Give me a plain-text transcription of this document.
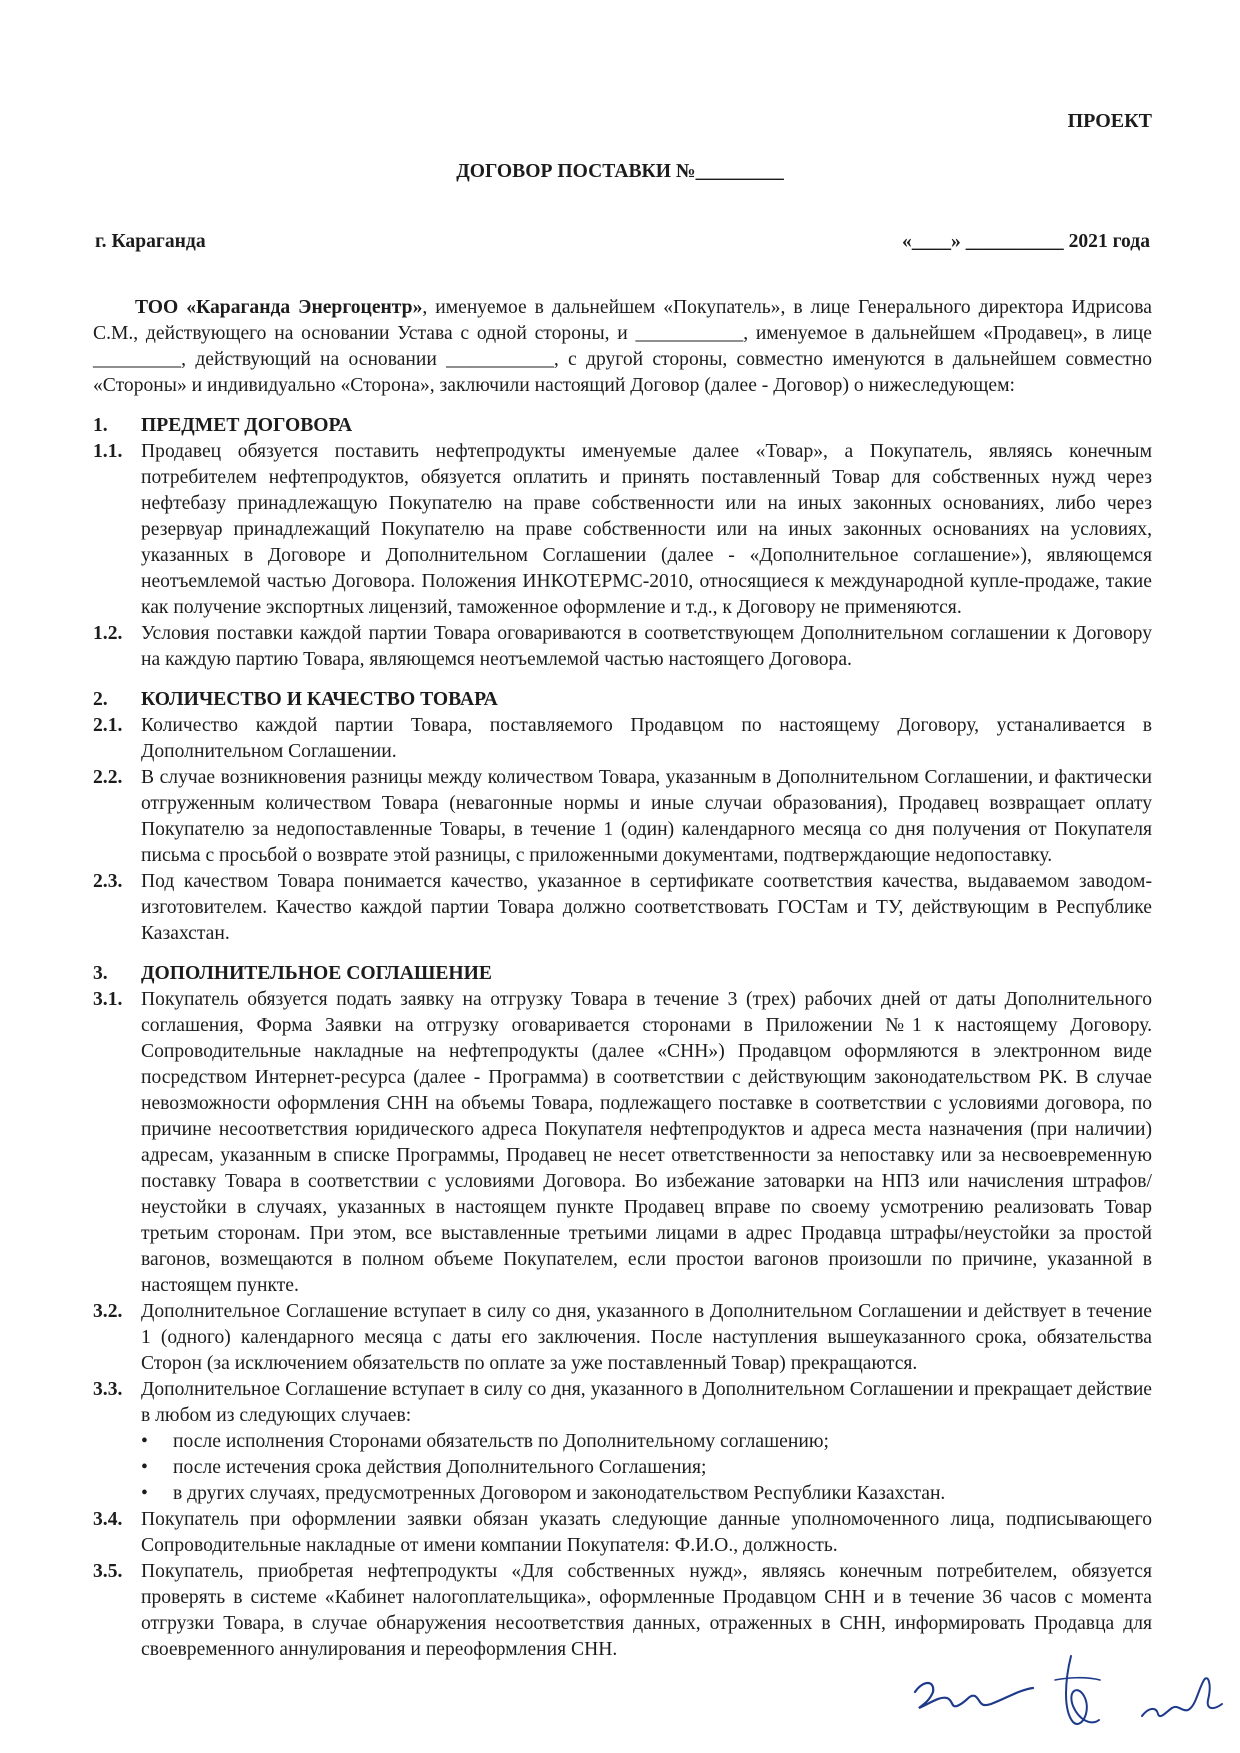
ПРОЕКТ
ДОГОВОР ПОСТАВКИ №_________
г. Караганда	«____» __________ 2021 года

ТОО «Караганда Энергоцентр», именуемое в дальнейшем «Покупатель», в лице Генерального директора Идрисова С.М., действующего на основании Устава с одной стороны, и ___________, именуемое в дальнейшем «Продавец», в лице _________, действующий на основании ___________, с другой стороны, совместно именуются в дальнейшем совместно «Стороны» и индивидуально «Сторона», заключили настоящий Договор (далее - Договор) о нижеследующем:

1.	ПРЕДМЕТ ДОГОВОРА
1.1. Продавец обязуется поставить нефтепродукты именуемые далее «Товар», а Покупатель, являясь конечным потребителем нефтепродуктов, обязуется оплатить и принять поставленный Товар для собственных нужд через нефтебазу принадлежащую Покупателю на праве собственности или на иных законных основаниях, либо через резервуар принадлежащий Покупателю на праве собственности или на иных законных основаниях на условиях, указанных в Договоре и Дополнительном Соглашении (далее - «Дополнительное соглашение»), являющемся неотъемлемой частью Договора. Положения ИНКОТЕРМС-2010, относящиеся к международной купле-продаже, такие как получение экспортных лицензий, таможенное оформление и т.д., к Договору не применяются.
1.2. Условия поставки каждой партии Товара оговариваются в соответствующем Дополнительном соглашении к Договору на каждую партию Товара, являющемся неотъемлемой частью настоящего Договора.
2.	КОЛИЧЕСТВО И КАЧЕСТВО ТОВАРА
2.1. Количество каждой партии Товара, поставляемого Продавцом по настоящему Договору, устаналивается в Дополнительном Соглашении.
2.2. В случае возникновения разницы между количеством Товара, указанным в Дополнительном Соглашении, и фактически отгруженным количеством Товара (невагонные нормы и иные случаи образования), Продавец возвращает оплату Покупателю за недопоставленные Товары, в течение 1 (один) календарного месяца со дня получения от Покупателя письма с просьбой о возврате этой разницы, с приложенными документами, подтверждающие недопоставку.
2.3. Под качеством Товара понимается качество, указанное в сертификате соответствия качества, выдаваемом заводом-изготовителем. Качество каждой партии Товара должно соответствовать ГОСТам и ТУ, действующим в Республике Казахстан.
3.	ДОПОЛНИТЕЛЬНОЕ СОГЛАШЕНИЕ
3.1. Покупатель обязуется подать заявку на отгрузку Товара в течение 3 (трех) рабочих дней от даты Дополнительного соглашения, Форма Заявки на отгрузку оговаривается сторонами в Приложении №1 к настоящему Договору. Сопроводительные накладные на нефтепродукты (далее «СНН») Продавцом оформляются в электронном виде посредством Интернет-ресурса (далее - Программа) в соответствии с действующим законодательством РК. В случае невозможности оформления СНН на объемы Товара, подлежащего поставке в соответствии с условиями договора, по причине несоответствия юридического адреса Покупателя нефтепродуктов и адреса места назначения (при наличии) адресам, указанным в списке Программы, Продавец не несет ответственности за непоставку или за несвоевременную поставку Товара в соответствии с условиями Договора. Во избежание затоварки на НПЗ или начисления штрафов/неустойки в случаях, указанных в настоящем пункте Продавец вправе по своему усмотрению реализовать Товар третьим сторонам. При этом, все выставленные третьими лицами в адрес Продавца штрафы/неустойки за простой вагонов, возмещаются в полном объеме Покупателем, если простои вагонов произошли по причине, указанной в настоящем пункте.
3.2. Дополнительное Соглашение вступает в силу со дня, указанного в Дополнительном Соглашении и действует в течение 1 (одного) календарного месяца с даты его заключения. После наступления вышеуказанного срока, обязательства Сторон (за исключением обязательств по оплате за уже поставленный Товар) прекращаются.
3.3. Дополнительное Соглашение вступает в силу со дня, указанного в Дополнительном Соглашении и прекращает действие в любом из следующих случаев:
•	после исполнения Сторонами обязательств по Дополнительному соглашению;
•	после истечения срока действия Дополнительного Соглашения;
•	в других случаях, предусмотренных Договором и законодательством Республики Казахстан.
3.4. Покупатель при оформлении заявки обязан указать следующие данные уполномоченного лица, подписывающего Сопроводительные накладные от имени компании Покупателя: Ф.И.О., должность.
3.5. Покупатель, приобретая нефтепродукты «Для собственных нужд», являясь конечным потребителем, обязуется проверять в системе «Кабинет налогоплательщика», оформленные Продавцом СНН и в течение 36 часов с момента отгрузки Товара, в случае обнаружения несоответствия данных, отраженных в СНН, информировать Продавца для своевременного аннулирования и переоформления СНН.
